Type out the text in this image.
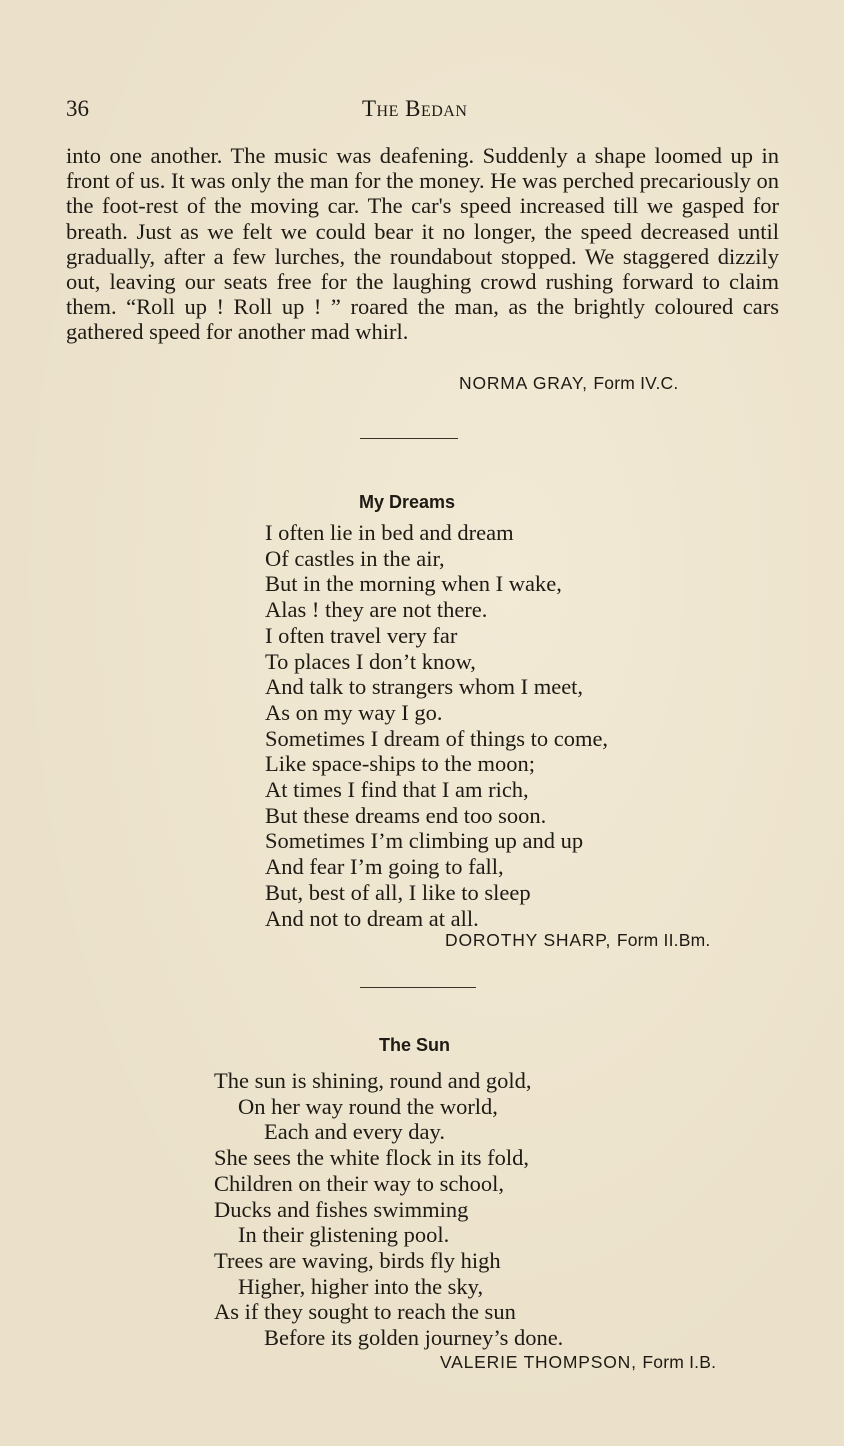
36	The Bedan

into one another. The music was deafening. Suddenly a shape loomed up in front of us. It was only the man for the money. He was perched precariously on the foot-rest of the moving car. The car's speed increased till we gasped for breath. Just as we felt we could bear it no longer, the speed decreased until gradually, after a few lurches, the roundabout stopped. We staggered dizzily out, leaving our seats free for the laughing crowd rushing forward to claim them. “Roll up ! Roll up ! ” roared the man, as the brightly coloured cars gathered speed for another mad whirl.

NORMA GRAY, Form IV.C.
My Dreams
I often lie in bed and dream
Of castles in the air,
But in the morning when I wake,
Alas ! they are not there.
I often travel very far
To places I don’t know,
And talk to strangers whom I meet,
As on my way I go.
Sometimes I dream of things to come,
Like space-ships to the moon;
At times I find that I am rich,
But these dreams end too soon.
Sometimes I’m climbing up and up
And fear I’m going to fall,
But, best of all, I like to sleep
And not to dream at all.
DOROTHY SHARP, Form II.Bm.
The Sun
The sun is shining, round and gold,
On her way round the world,
Each and every day.
She sees the white flock in its fold,
Children on their way to school,
Ducks and fishes swimming
In their glistening pool.
Trees are waving, birds fly high
Higher, higher into the sky,
As if they sought to reach the sun
Before its golden journey’s done.
VALERIE THOMPSON, Form I.B.
